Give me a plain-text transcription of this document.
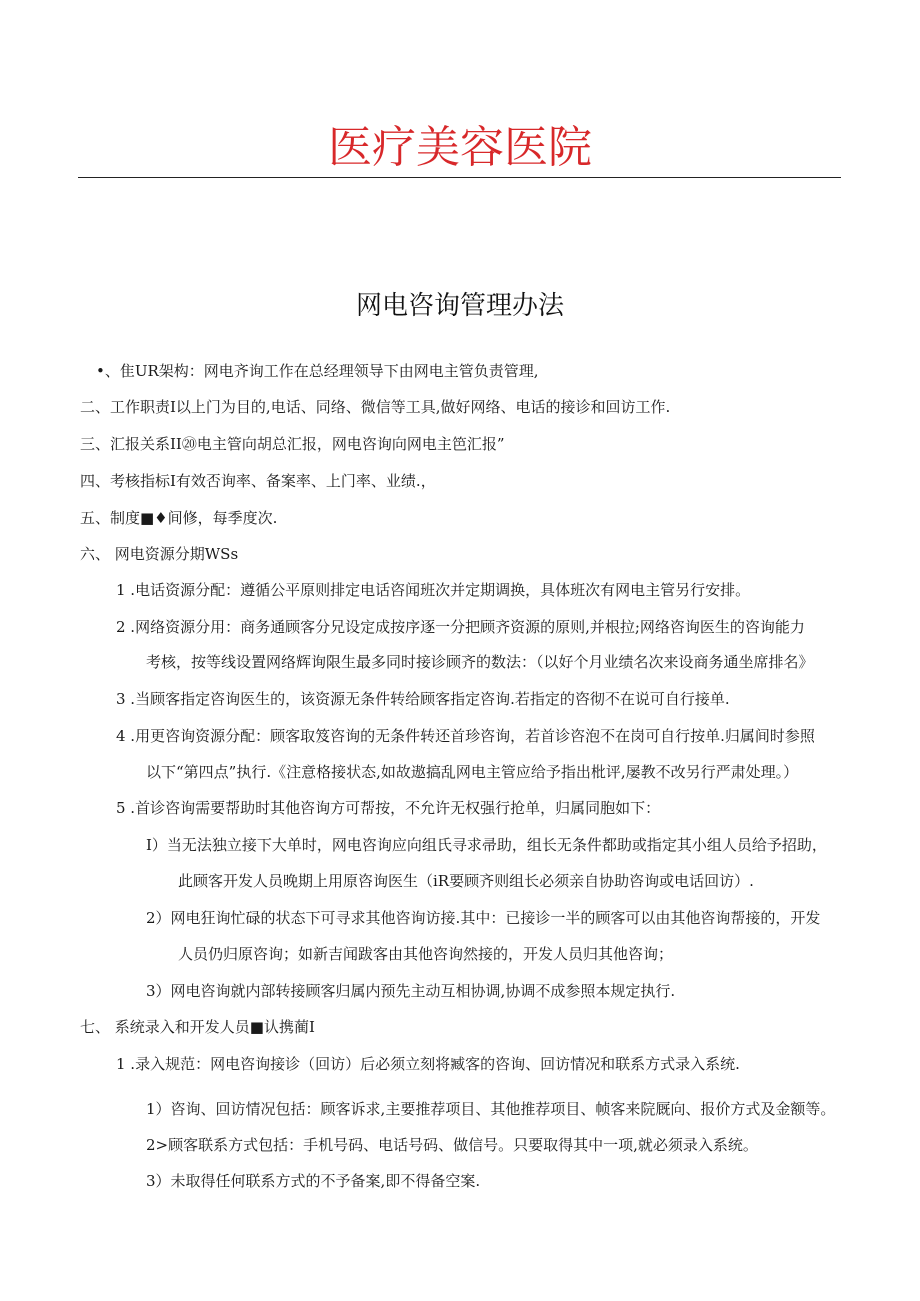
医疗美容医院
网电咨询管理办法
•、隹UR架构：网电齐询工作在总经理领导下由网电主管负责管理,
二、工作职责I以上门为目的,电话、同络、微信等工具,做好网络、电话的接诊和回访工作.
三、汇报关系II⑳电主管向胡总汇报，网电咨询向网电主笆汇报”
四、考核指标I有效否询率、备案率、上门率、业绩.，
五、制度■♦间修，每季度次.
六、 网电资源分期WSs
1 .电话资源分配：遵循公平原则排定电话咨闻班次并定期调换，具体班次有网电主管另行安排。
2 .网络资源分用：商务通顾客分兄设定成按序逐一分把顾齐资源的原则,并根拉;网络咨询医生的咨询能力
考核，按等线设置网络辉询限生最多同时接诊顾齐的数法：（以好个月业绩名次来设商务通坐席排名》
3 .当顾客指定咨询医生的，该资源无条件转给顾客指定咨询.若指定的咨彻不在说可自行接单.
4 .用更咨询资源分配：顾客取笈咨询的无条件转还首珍咨询，若首诊咨泡不在岗可自行按单.归属间时参照
以下“第四点”执行.《注意格接状态,如故遨搞乱网电主管应给予指出枇评,屡教不改另行严肃处理。）
5 .首诊咨询需要帮助时其他咨询方可帮按，不允许无权强行抢单，归属同胞如下：
I）当无法独立接下大单时，网电咨询应向组氏寻求帚助，组长无条件都助或指定其小组人员给予招助，
此顾客开发人员晚期上用原咨询医生（iR要顾齐则组长必须亲自协助咨询或电话回访）.
2）网电狂询忙碌的状态下可寻求其他咨询访接.其中：已接诊一半的顾客可以由其他咨询帮接的，开发
人员仍归原咨询；如新吉闻跋客由其他咨询然接的，开发人员归其他咨询；
3）网电咨询就内部转接顾客归属内预先主动互相协调,协调不成参照本规定执行.
七、 系统录入和开发人员■认携蔺I
1 .录入规范：网电咨询接诊（回访）后必须立刻将臧客的咨询、回访情况和联系方式录入系统.
1）咨询、回访情况包括：顾客诉求,主要推荐项目、其他推荐项目、帧客来院厩向、报价方式及金额等。
2>顾客联系方式包括：手机号码、电话号码、做信号。只要取得其中一项,就必须录入系统。
3）未取得任何联系方式的不予备案,即不得备空案.
